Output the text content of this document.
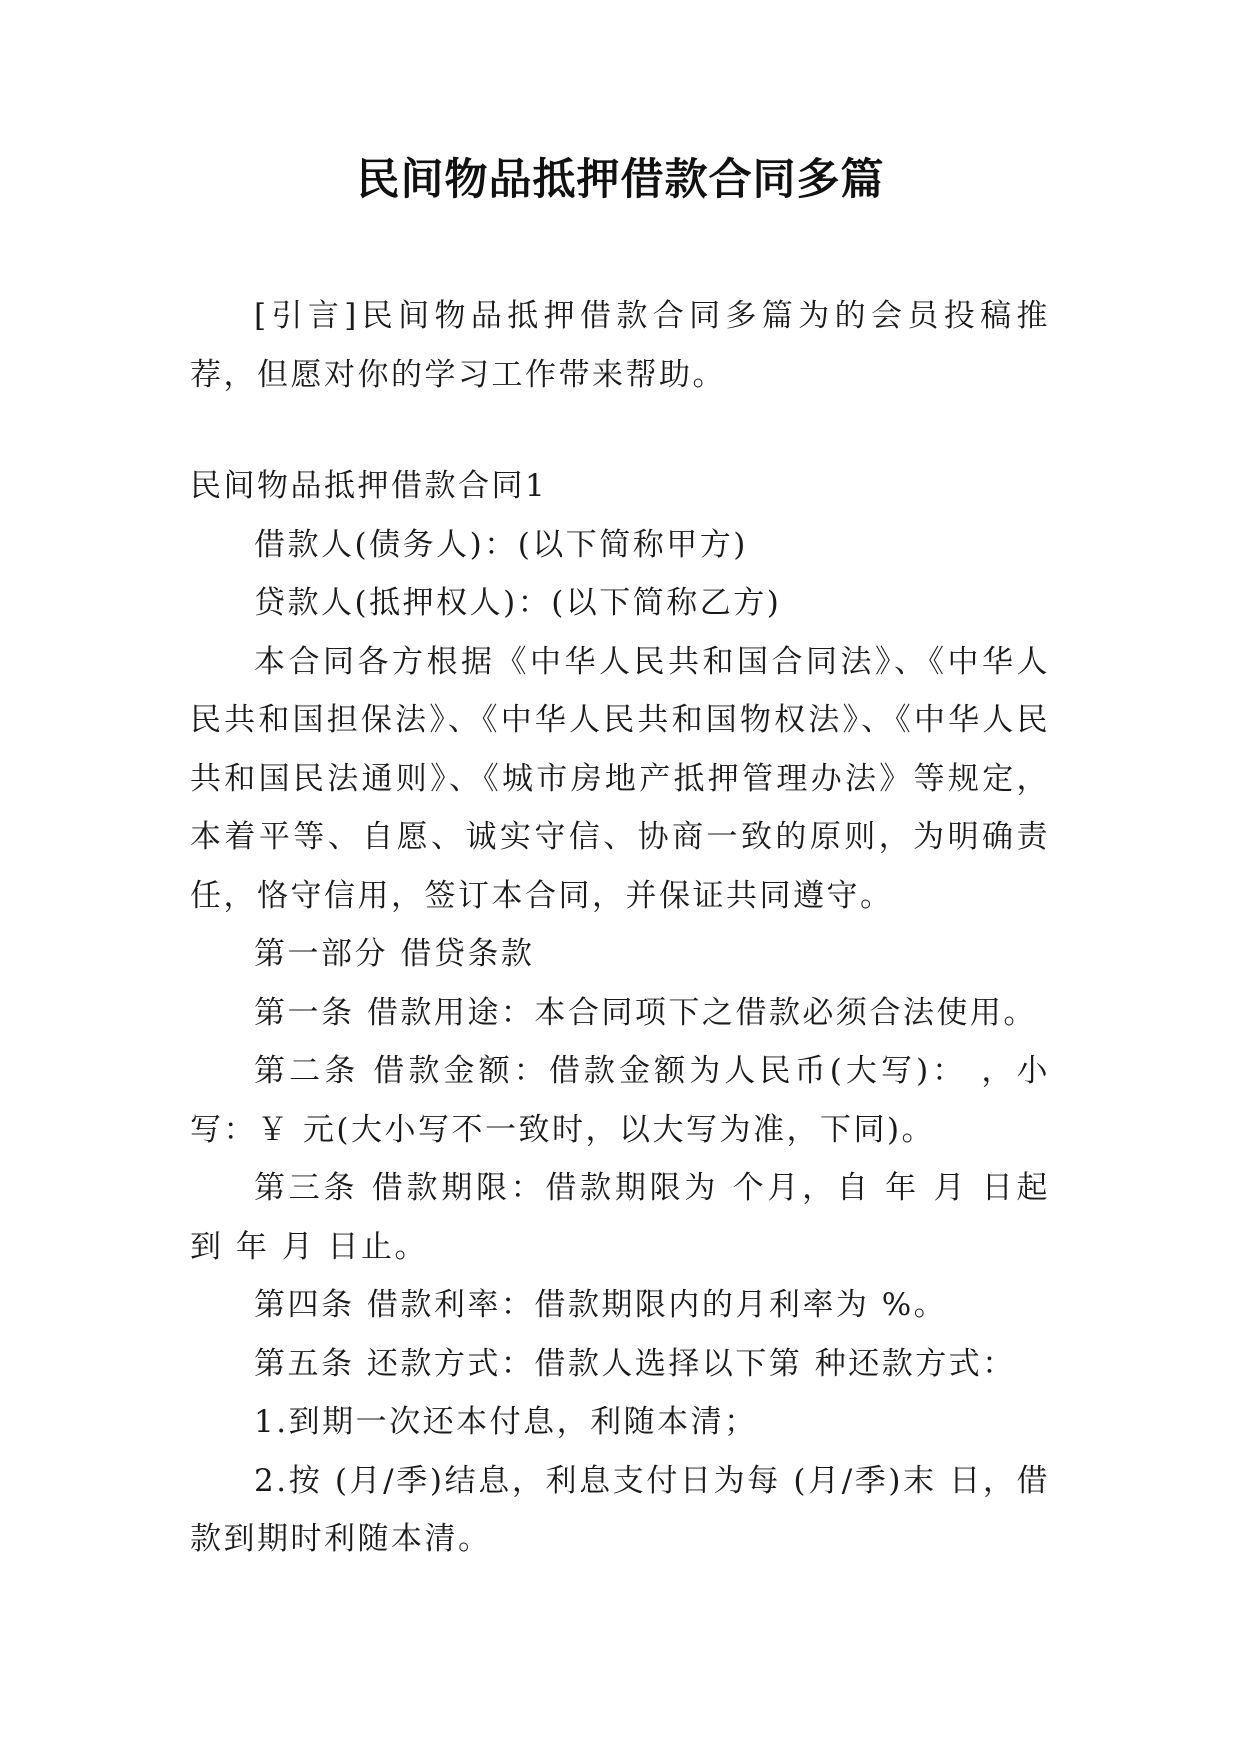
民间物品抵押借款合同多篇

[引言]民间物品抵押借款合同多篇为的会员投稿推荐，但愿对你的学习工作带来帮助。

民间物品抵押借款合同1

借款人(债务人)：(以下简称甲方)

贷款人(抵押权人)：(以下简称乙方)

本合同各方根据《中华人民共和国合同法》、《中华人民共和国担保法》、《中华人民共和国物权法》、《中华人民共和国民法通则》、《城市房地产抵押管理办法》等规定，本着平等、自愿、诚实守信、协商一致的原则，为明确责任，恪守信用，签订本合同，并保证共同遵守。

第一部分 借贷条款

第一条 借款用途：本合同项下之借款必须合法使用。

第二条 借款金额：借款金额为人民币(大写)： ，小写：￥ 元(大小写不一致时，以大写为准，下同)。

第三条 借款期限：借款期限为 个月，自 年 月 日起到 年 月 日止。

第四条 借款利率：借款期限内的月利率为 %。

第五条 还款方式：借款人选择以下第 种还款方式：

1.到期一次还本付息，利随本清；

2.按 (月/季)结息，利息支付日为每 (月/季)末 日，借款到期时利随本清。
